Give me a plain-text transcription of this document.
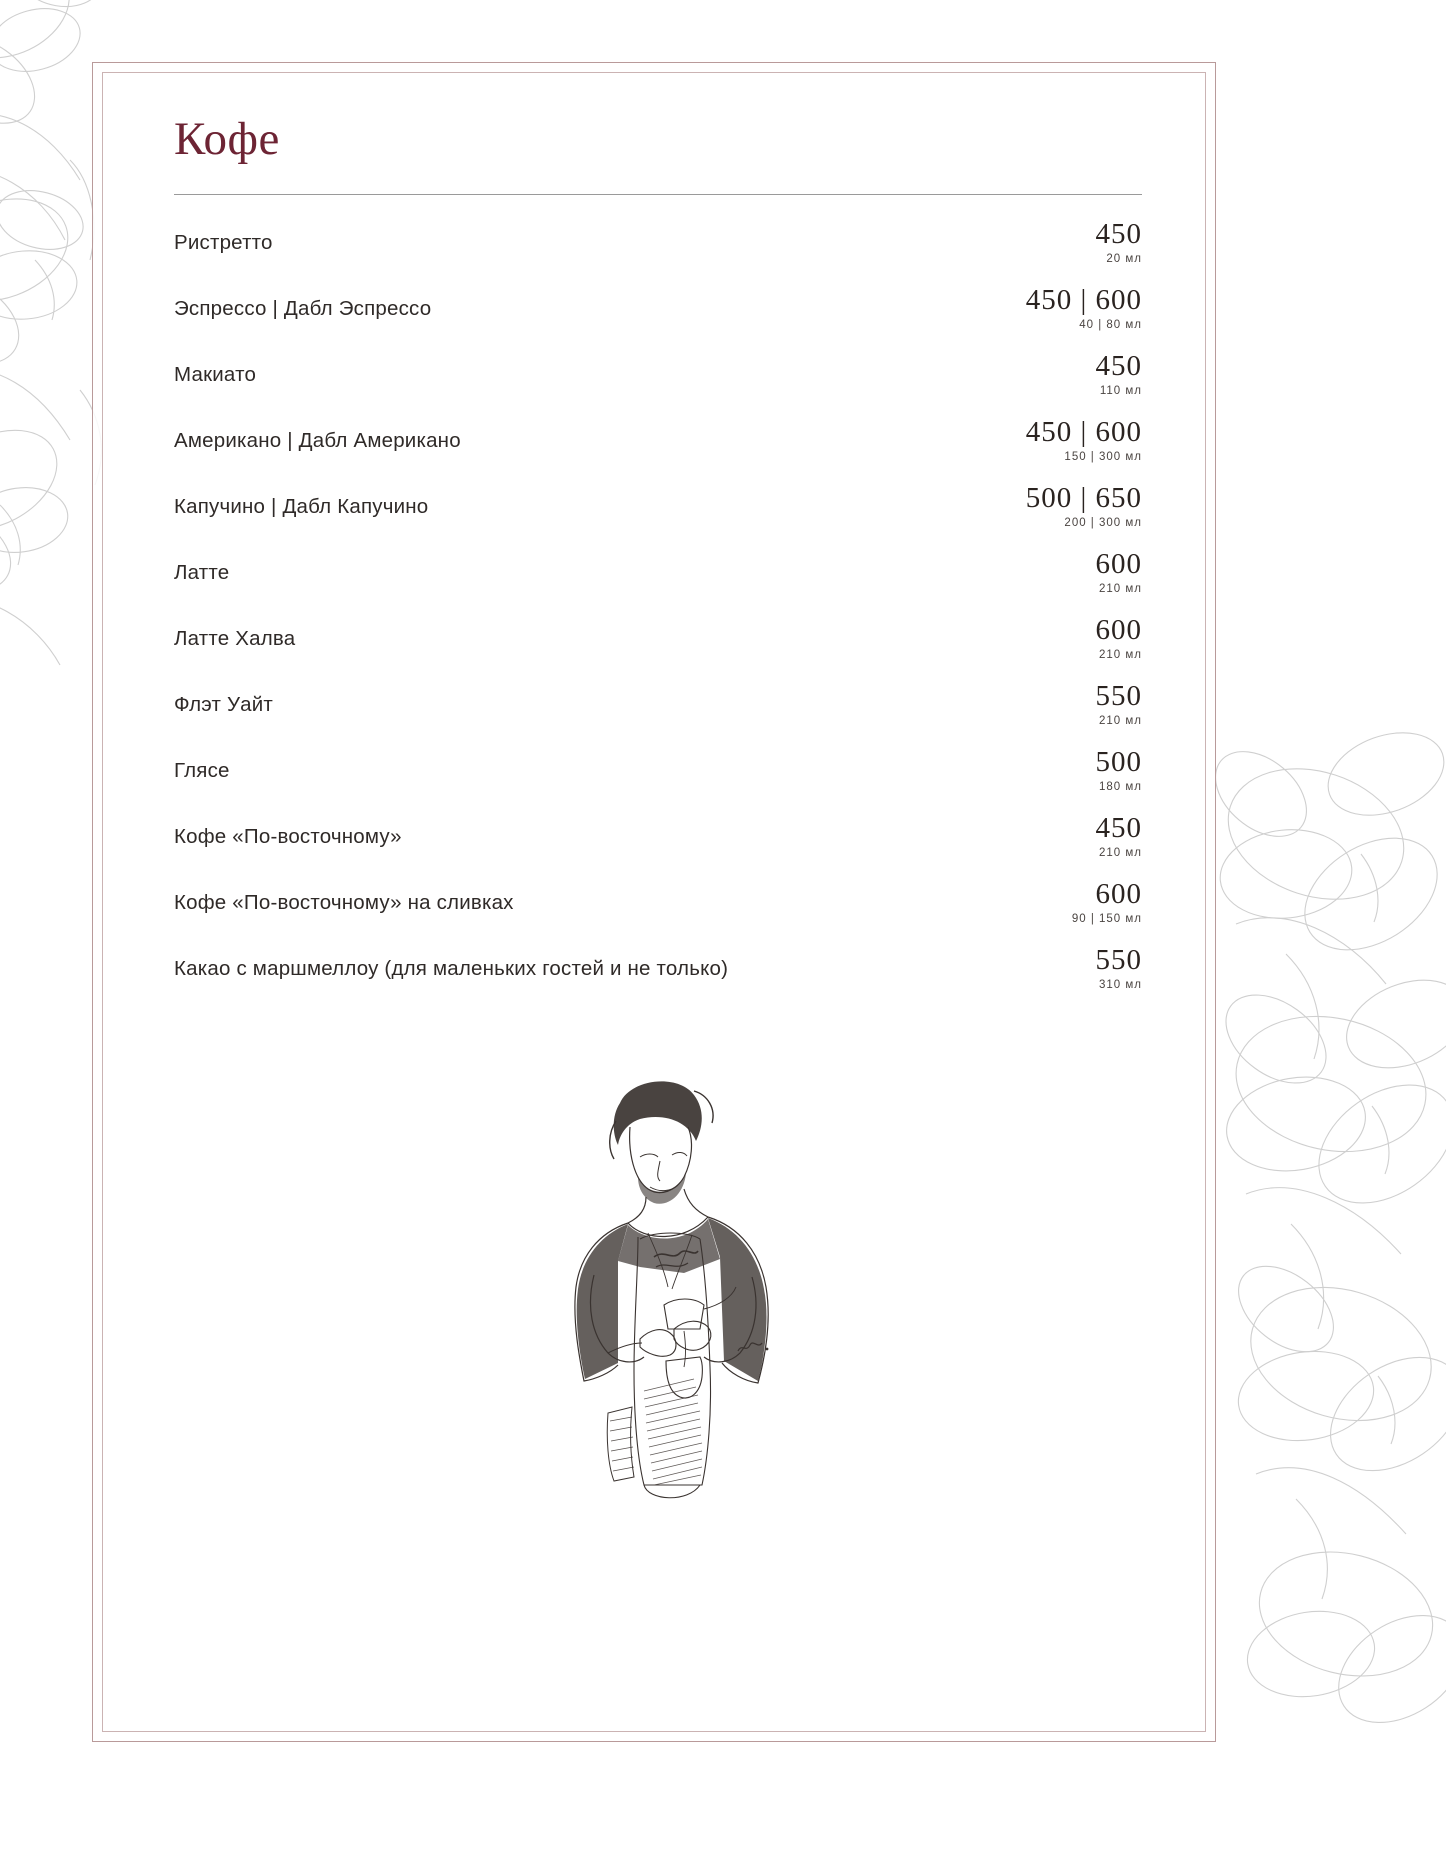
Кофе
Ристретто	450
20 мл
Эспрессо | Дабл Эспрессо	450 | 600
40 | 80 мл
Макиато	450
110 мл
Американо | Дабл Американо	450 | 600
150 | 300 мл
Капучино | Дабл Капучино	500 | 650
200 | 300 мл
Латте	600
210 мл
Латте Халва	600
210 мл
Флэт Уайт	550
210 мл
Глясе	500
180 мл
Кофе «По-восточному»	450
210 мл
Кофе «По-восточному» на сливках	600
90 | 150 мл
Какао с маршмеллоу (для маленьких гостей и не только)	550
310 мл
